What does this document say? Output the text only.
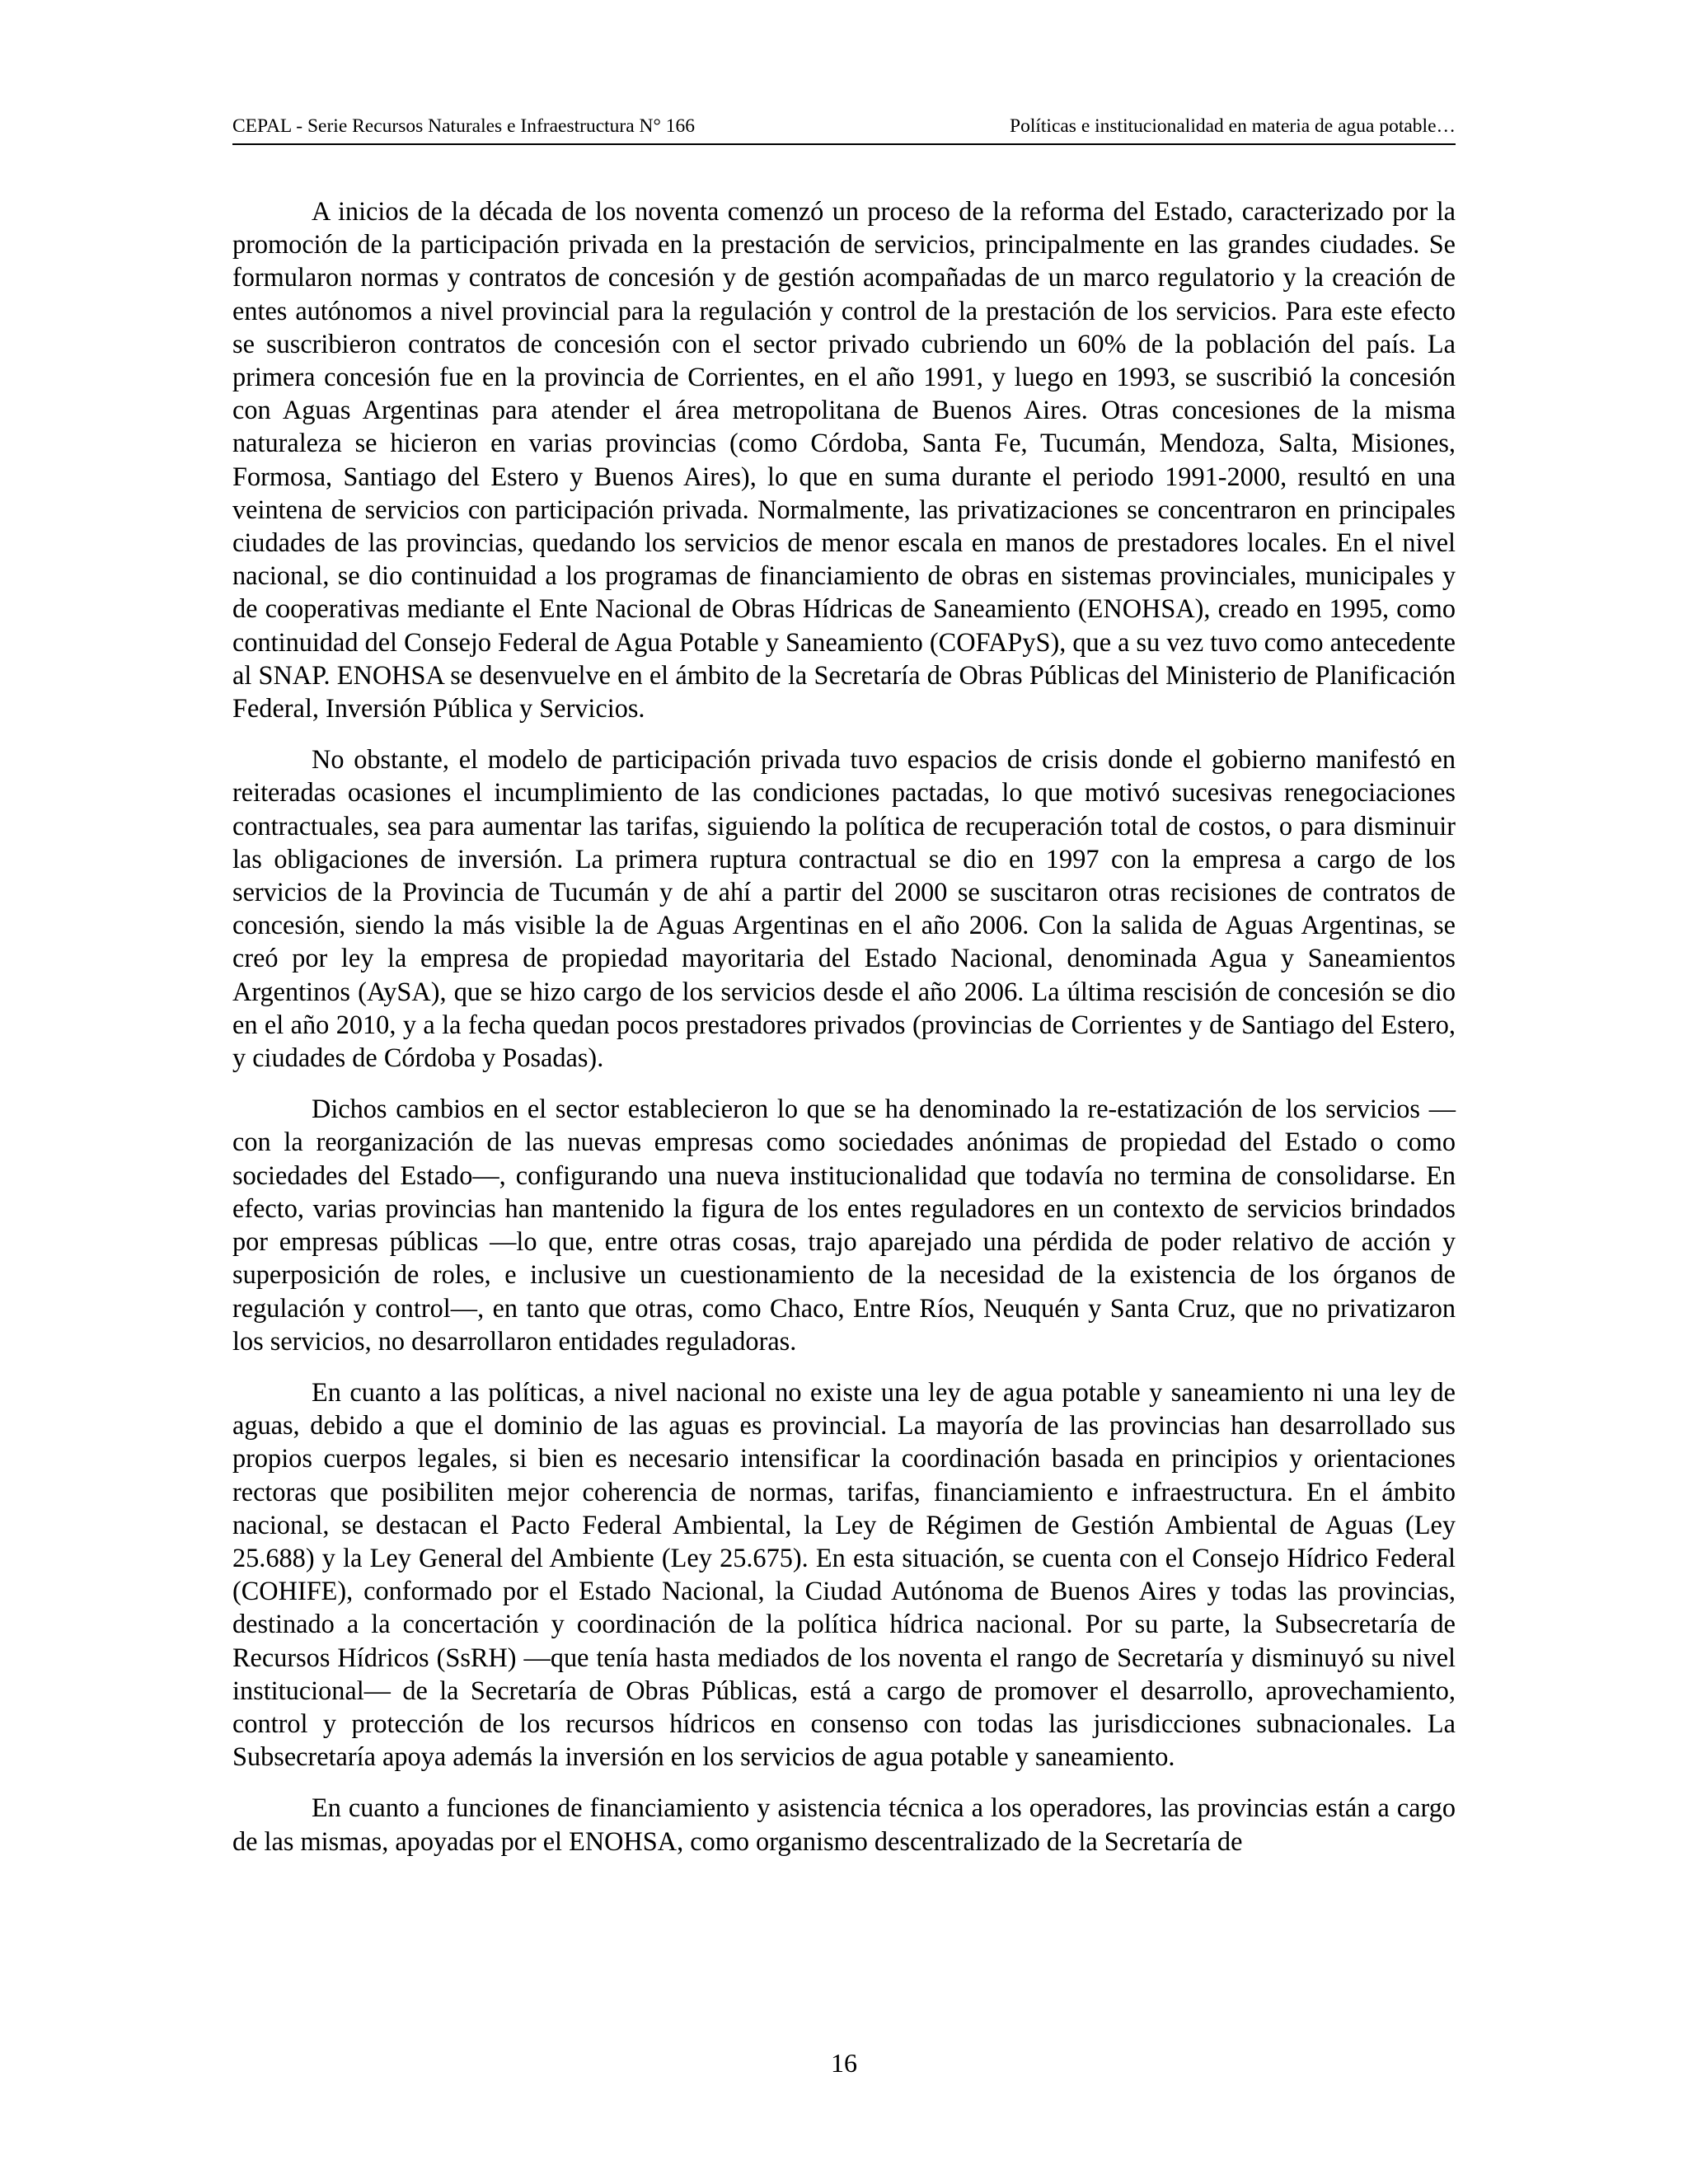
CEPAL - Serie Recursos Naturales e Infraestructura N° 166	Políticas e institucionalidad en materia de agua potable…

A inicios de la década de los noventa comenzó un proceso de la reforma del Estado, caracterizado por la promoción de la participación privada en la prestación de servicios, principalmente en las grandes ciudades. Se formularon normas y contratos de concesión y de gestión acompañadas de un marco regulatorio y la creación de entes autónomos a nivel provincial para la regulación y control de la prestación de los servicios. Para este efecto se suscribieron contratos de concesión con el sector privado cubriendo un 60% de la población del país. La primera concesión fue en la provincia de Corrientes, en el año 1991, y luego en 1993, se suscribió la concesión con Aguas Argentinas para atender el área metropolitana de Buenos Aires. Otras concesiones de la misma naturaleza se hicieron en varias provincias (como Córdoba, Santa Fe, Tucumán, Mendoza, Salta, Misiones, Formosa, Santiago del Estero y Buenos Aires), lo que en suma durante el periodo 1991-2000, resultó en una veintena de servicios con participación privada. Normalmente, las privatizaciones se concentraron en principales ciudades de las provincias, quedando los servicios de menor escala en manos de prestadores locales. En el nivel nacional, se dio continuidad a los programas de financiamiento de obras en sistemas provinciales, municipales y de cooperativas mediante el Ente Nacional de Obras Hídricas de Saneamiento (ENOHSA), creado en 1995, como continuidad del Consejo Federal de Agua Potable y Saneamiento (COFAPyS), que a su vez tuvo como antecedente al SNAP. ENOHSA se desenvuelve en el ámbito de la Secretaría de Obras Públicas del Ministerio de Planificación Federal, Inversión Pública y Servicios.

No obstante, el modelo de participación privada tuvo espacios de crisis donde el gobierno manifestó en reiteradas ocasiones el incumplimiento de las condiciones pactadas, lo que motivó sucesivas renegociaciones contractuales, sea para aumentar las tarifas, siguiendo la política de recuperación total de costos, o para disminuir las obligaciones de inversión. La primera ruptura contractual se dio en 1997 con la empresa a cargo de los servicios de la Provincia de Tucumán y de ahí a partir del 2000 se suscitaron otras recisiones de contratos de concesión, siendo la más visible la de Aguas Argentinas en el año 2006. Con la salida de Aguas Argentinas, se creó por ley la empresa de propiedad mayoritaria del Estado Nacional, denominada Agua y Saneamientos Argentinos (AySA), que se hizo cargo de los servicios desde el año 2006. La última rescisión de concesión se dio en el año 2010, y a la fecha quedan pocos prestadores privados (provincias de Corrientes y de Santiago del Estero, y ciudades de Córdoba y Posadas).

Dichos cambios en el sector establecieron lo que se ha denominado la re-estatización de los servicios —con la reorganización de las nuevas empresas como sociedades anónimas de propiedad del Estado o como sociedades del Estado—, configurando una nueva institucionalidad que todavía no termina de consolidarse. En efecto, varias provincias han mantenido la figura de los entes reguladores en un contexto de servicios brindados por empresas públicas —lo que, entre otras cosas, trajo aparejado una pérdida de poder relativo de acción y superposición de roles, e inclusive un cuestionamiento de la necesidad de la existencia de los órganos de regulación y control—, en tanto que otras, como Chaco, Entre Ríos, Neuquén y Santa Cruz, que no privatizaron los servicios, no desarrollaron entidades reguladoras.

En cuanto a las políticas, a nivel nacional no existe una ley de agua potable y saneamiento ni una ley de aguas, debido a que el dominio de las aguas es provincial. La mayoría de las provincias han desarrollado sus propios cuerpos legales, si bien es necesario intensificar la coordinación basada en principios y orientaciones rectoras que posibiliten mejor coherencia de normas, tarifas, financiamiento e infraestructura. En el ámbito nacional, se destacan el Pacto Federal Ambiental, la Ley de Régimen de Gestión Ambiental de Aguas (Ley 25.688) y la Ley General del Ambiente (Ley 25.675). En esta situación, se cuenta con el Consejo Hídrico Federal (COHIFE), conformado por el Estado Nacional, la Ciudad Autónoma de Buenos Aires y todas las provincias, destinado a la concertación y coordinación de la política hídrica nacional. Por su parte, la Subsecretaría de Recursos Hídricos (SsRH) —que tenía hasta mediados de los noventa el rango de Secretaría y disminuyó su nivel institucional— de la Secretaría de Obras Públicas, está a cargo de promover el desarrollo, aprovechamiento, control y protección de los recursos hídricos en consenso con todas las jurisdicciones subnacionales. La Subsecretaría apoya además la inversión en los servicios de agua potable y saneamiento.

En cuanto a funciones de financiamiento y asistencia técnica a los operadores, las provincias están a cargo de las mismas, apoyadas por el ENOHSA, como organismo descentralizado de la Secretaría de

16
